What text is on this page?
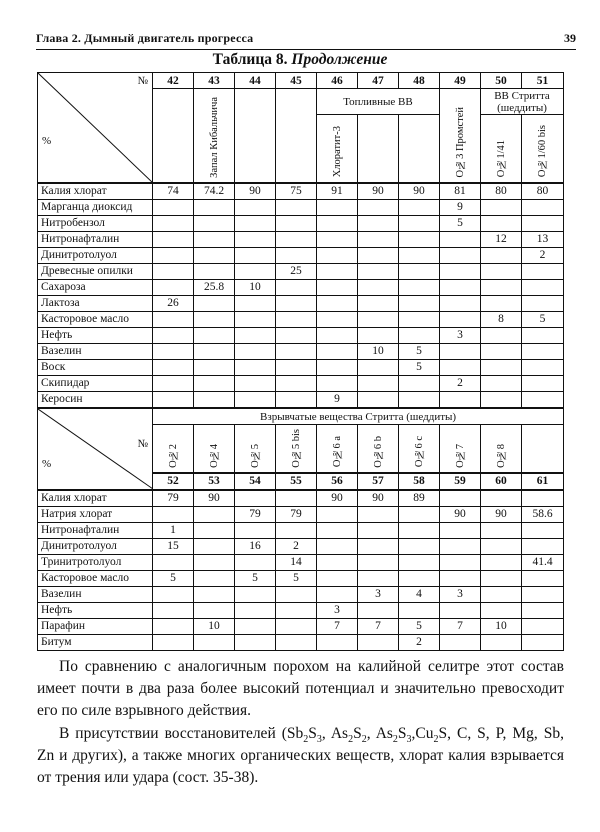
Глава 2. Дымный двигатель прогресса	39
Таблица 8. Продолжение
№
%	42	43	44	45	46	47	48	49	50	51
		Запал Кибальчича			Топливные ВВ			О№3 Промстей	ВВ Стритта (шеддиты)	
					Хлоратит-3				О№1/41	О№1/60 bis
Калия хлорат	74	74.2	90	75	91	90	90	81	80	80
Марганца диоксид								9		
Нитробензол								5		
Нитронафталин									12	13
Динитротолуол										2
Древесные опилки				25						
Сахароза		25.8	10							
Лактоза	26									
Касторовое масло									8	5
Нефть								3		
Вазелин						10	5			
Воск							5			
Скипидар								2		
Керосин					9					
№
%	Взрывчатые вещества Стритта (шеддиты)									
	О№2	О№4	О№5	О№5 bis	О№6 a	О№6 b	О№6 c	О№7	О№8	
	52	53	54	55	56	57	58	59	60	61
Калия хлорат	79	90			90	90	89			
Натрия хлорат			79	79				90	90	58.6
Нитронафталин	1									
Динитротолуол	15		16	2						
Тринитротолуол				14						41.4
Касторовое масло	5		5	5						
Вазелин						3	4	3		
Нефть					3					
Парафин		10			7	7	5	7	10	
Битум							2			

По сравнению с аналогичным порохом на калийной селитре этот состав имеет почти в два раза более высокий потенциал и значительно превосходит его по силе взрывного действия.

В присутствии восстановителей ($Sb_2S_3$, $As_2S_2$, $As_2S_3,Cu_2S$, C, S, P, Mg, Sb, Zn и других), а также многих органических веществ, хлорат калия взрывается от трения или удара (сост. 35-38).
